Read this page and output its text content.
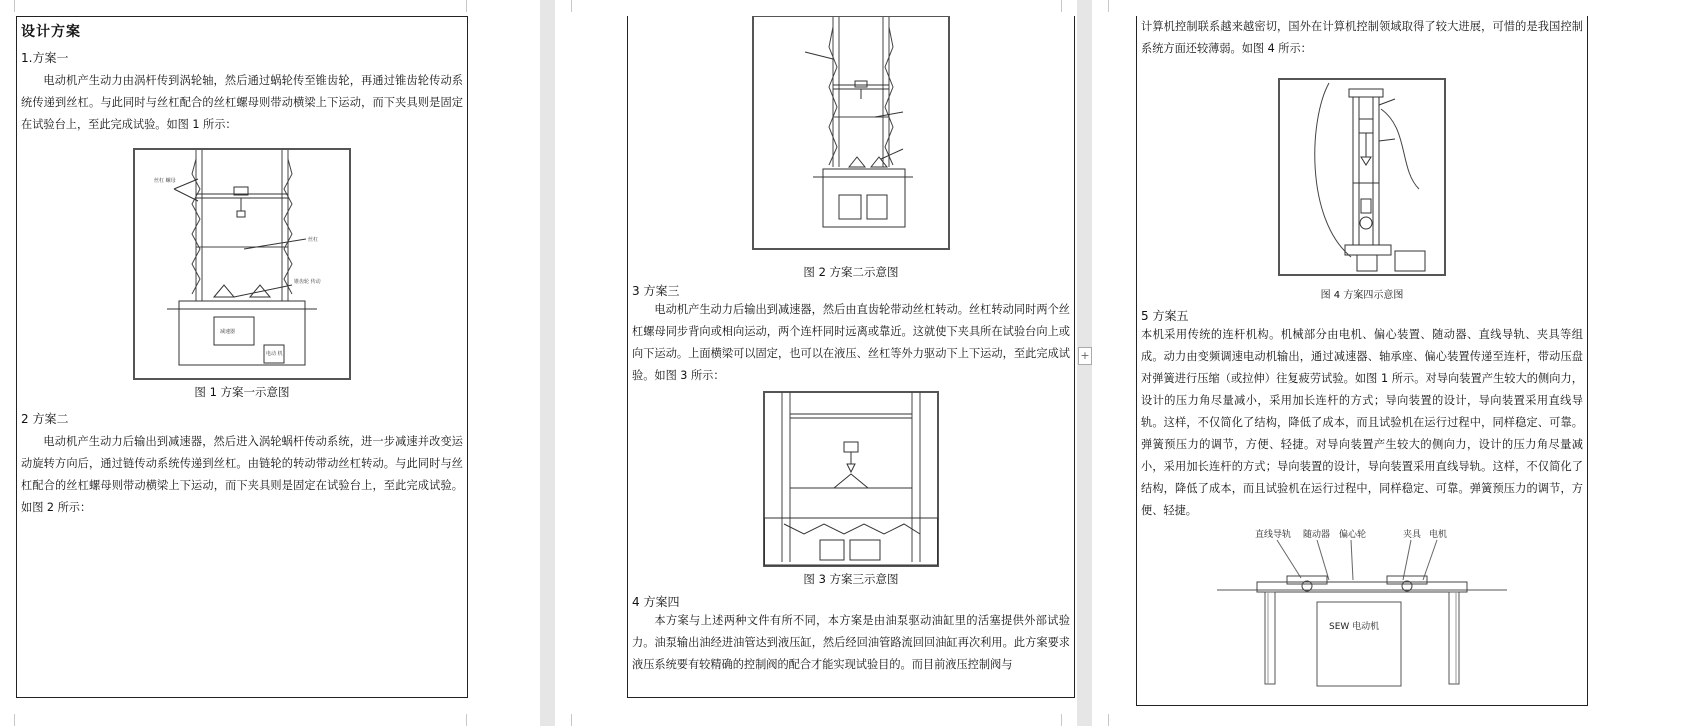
设计方案
1.方案一

电动机产生动力由涡杆传到涡轮轴，然后通过蜗轮传至锥齿轮，再通过锥齿轮传动系统传递到丝杠。与此同时与丝杠配合的丝杠螺母则带动横梁上下运动，而下夹具则是固定在试验台上，至此完成试验。如图 1 所示：

丝杠 螺母
丝杠
锥齿轮 传动
减速器
电动 机
图 1 方案一示意图
2 方案二

电动机产生动力后输出到减速器，然后进入涡轮蜗杆传动系统，进一步减速并改变运动旋转方向后，通过链传动系统传递到丝杠。由链轮的转动带动丝杠转动。与此同时与丝杠配合的丝杠螺母则带动横梁上下运动，而下夹具则是固定在试验台上，至此完成试验。如图 2 所示：

图 2 方案二示意图
3 方案三

电动机产生动力后输出到减速器，然后由直齿轮带动丝杠转动。丝杠转动同时两个丝杠螺母同步背向或相向运动，两个连杆同时远离或靠近。这就使下夹具所在试验台向上或向下运动。上面横梁可以固定，也可以在液压、丝杠等外力驱动下上下运动，至此完成试验。如图 3 所示：

图 3 方案三示意图
4 方案四

本方案与上述两种文件有所不同，本方案是由油泵驱动油缸里的活塞提供外部试验力。油泵输出油经进油管达到液压缸，然后经回油管路流回回油缸再次利用。此方案要求液压系统要有较精确的控制阀的配合才能实现试验目的。而目前液压控制阀与

+

计算机控制联系越来越密切，国外在计算机控制领域取得了较大进展，可惜的是我国控制系统方面还较薄弱。如图 4 所示：

图 4 方案四示意图
5 方案五

本机采用传统的连杆机构。机械部分由电机、偏心装置、随动器、直线导轨、夹具等组成。动力由变频调速电动机输出，通过减速器、轴承座、偏心装置传递至连杆，带动压盘对弹簧进行压缩（或拉伸）往复疲劳试验。如图 1 所示。对导向装置产生较大的侧向力，设计的压力角尽量减小，采用加长连杆的方式；导向装置的设计，导向装置采用直线导轨。这样，不仅简化了结构，降低了成本，而且试验机在运行过程中，同样稳定、可靠。弹簧预压力的调节，方便、轻捷。对导向装置产生较大的侧向力，设计的压力角尽量减小，采用加长连杆的方式；导向装置的设计，导向装置采用直线导轨。这样，不仅简化了结构，降低了成本，而且试验机在运行过程中，同样稳定、可靠。弹簧预压力的调节，方便、轻捷。

直线导轨 随动器 偏心轮	夹具 电机
SEW 电动机
